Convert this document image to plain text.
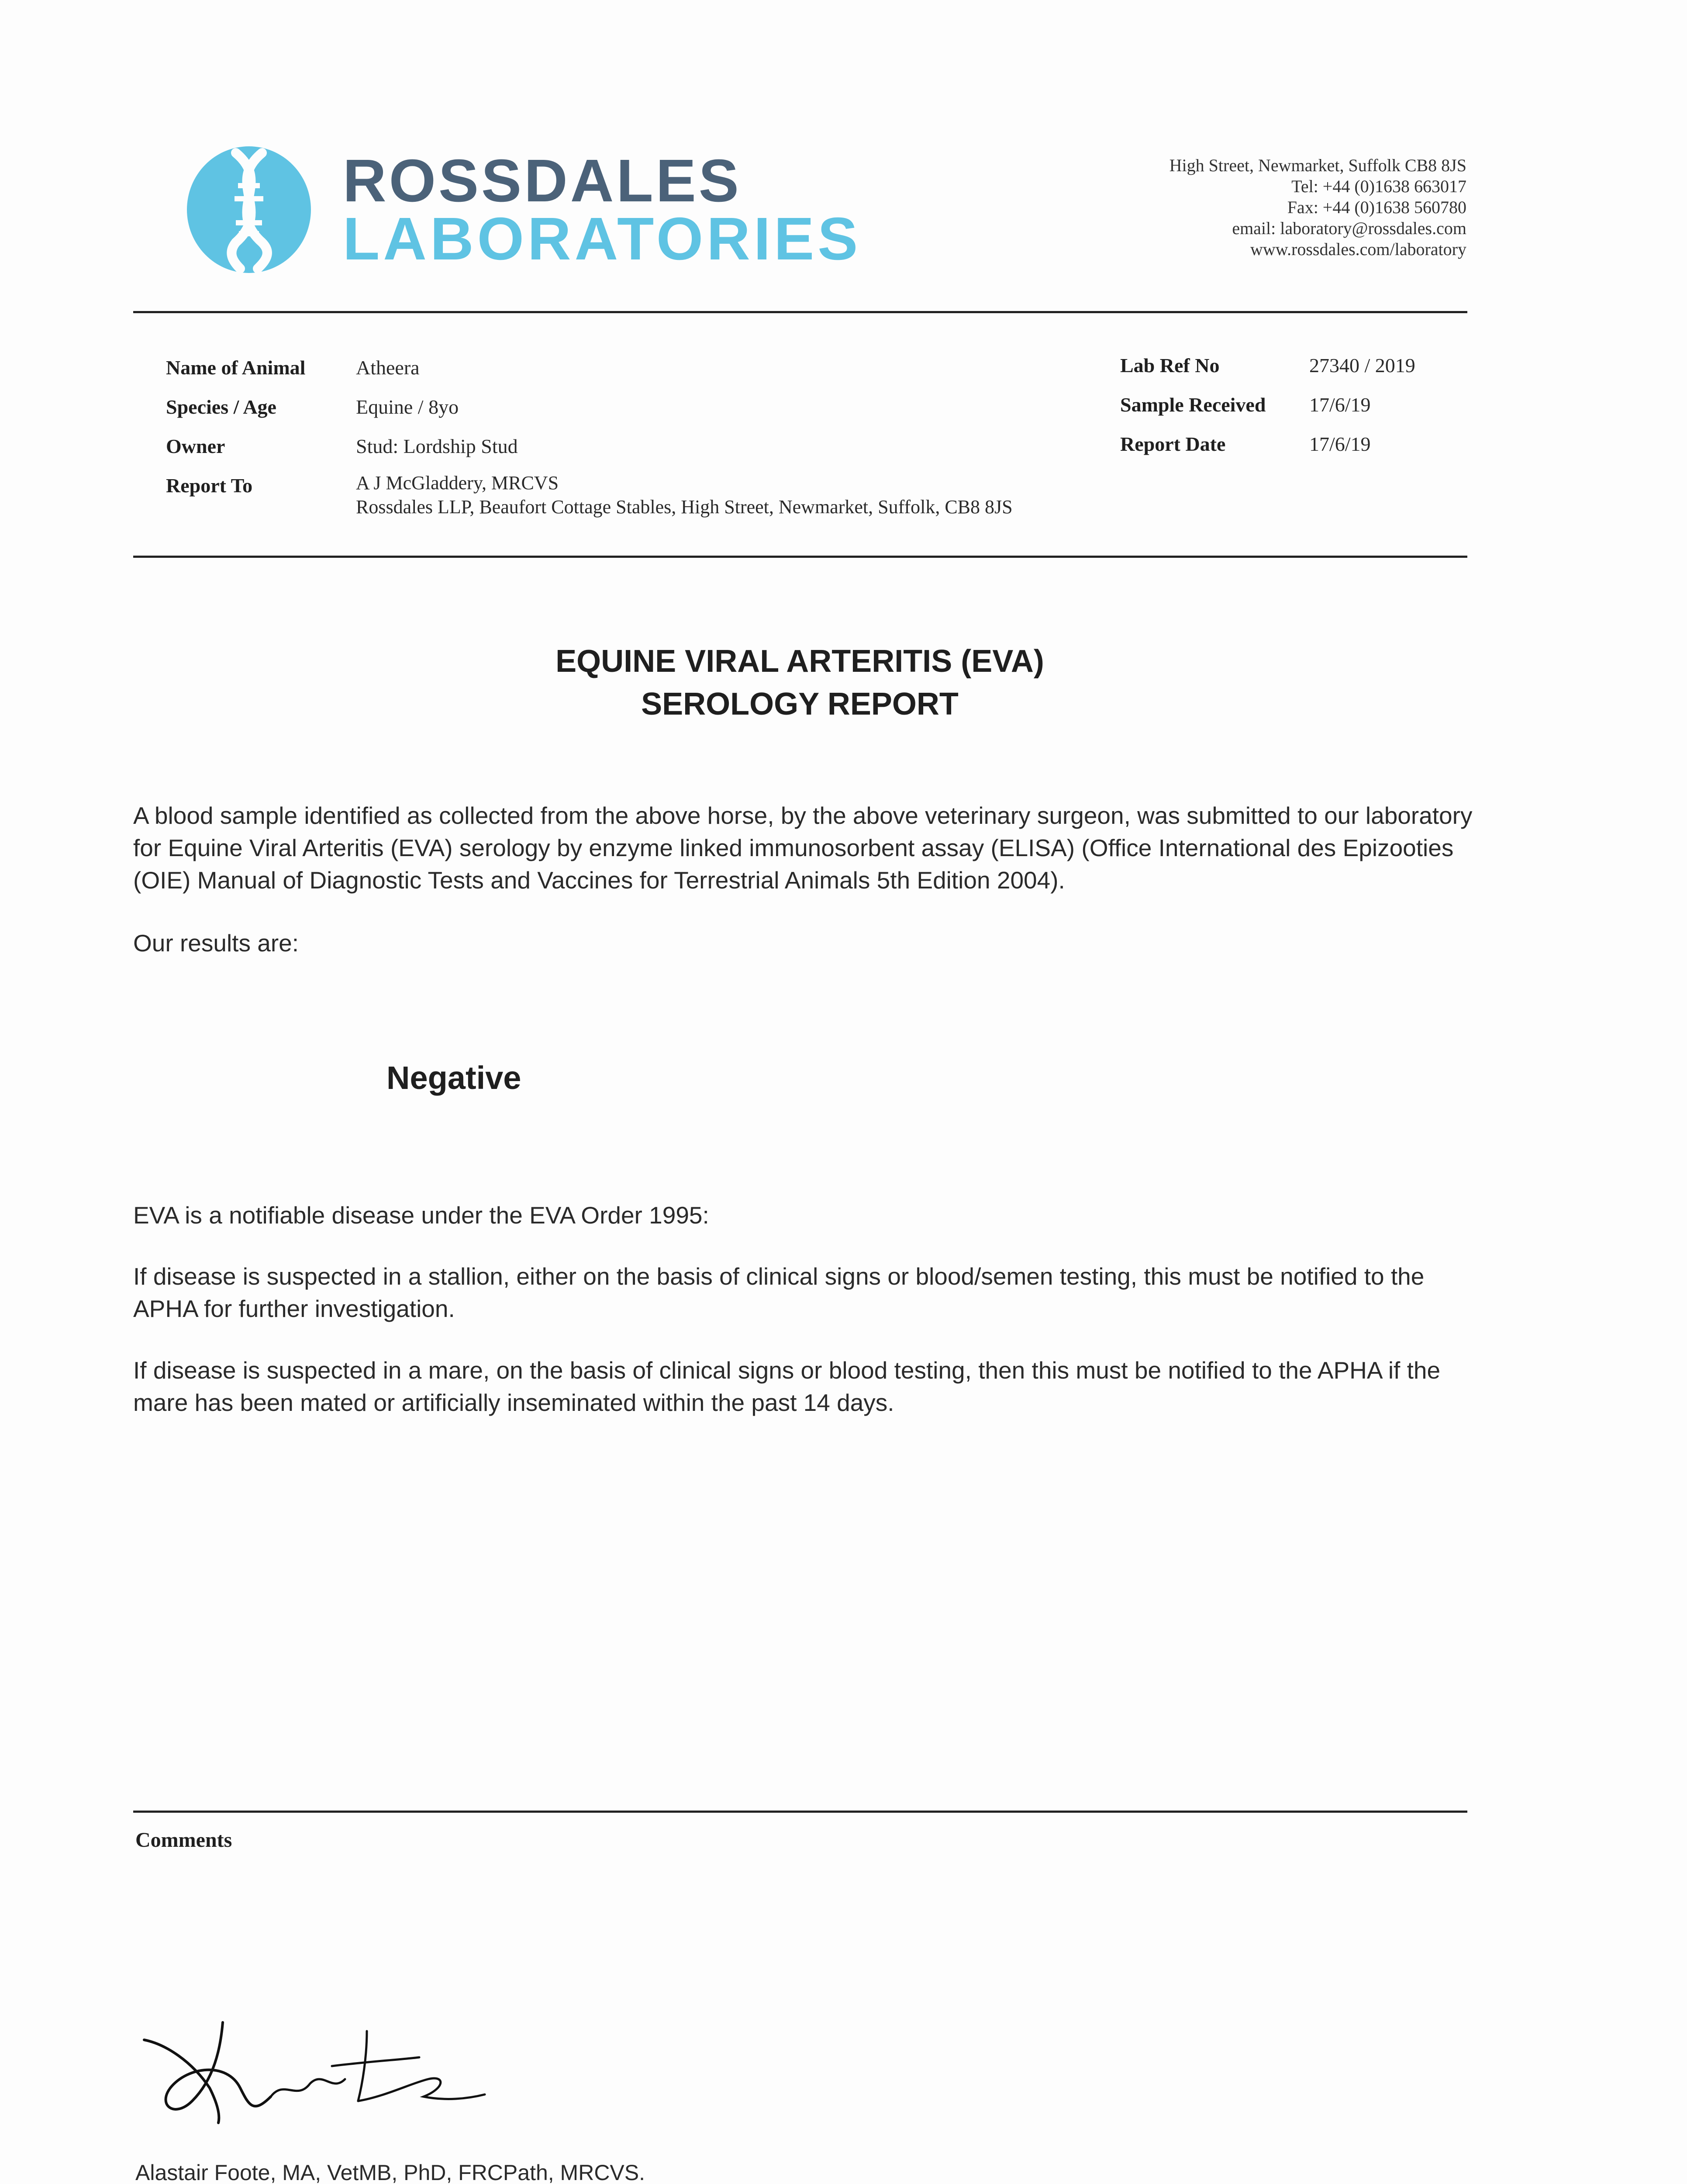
ROSSDALES
LABORATORIES
High Street, Newmarket, Suffolk CB8 8JS
Tel: +44 (0)1638 663017
Fax: +44 (0)1638 560780
email: laboratory@rossdales.com
www.rossdales.com/laboratory
Name of Animal	Atheera
Species / Age	Equine / 8yo
Owner	Stud: Lordship Stud
Report To	A J McGladdery, MRCVS
Rossdales LLP, Beaufort Cottage Stables, High Street, Newmarket, Suffolk, CB8 8JS
Lab Ref No	27340 / 2019
Sample Received 17/6/19
Report Date	17/6/19
EQUINE VIRAL ARTERITIS (EVA)
SEROLOGY REPORT
A blood sample identified as collected from the above horse, by the above veterinary surgeon, was submitted to our laboratory for Equine Viral Arteritis (EVA) serology by enzyme linked immunosorbent assay (ELISA) (Office International des Epizooties (OIE) Manual of Diagnostic Tests and Vaccines for Terrestrial Animals 5th Edition 2004).
Our results are:
Negative
EVA is a notifiable disease under the EVA Order 1995:
If disease is suspected in a stallion, either on the basis of clinical signs or blood/semen testing, this must be notified to the APHA for further investigation.
If disease is suspected in a mare, on the basis of clinical signs or blood testing, then this must be notified to the APHA if the mare has been mated or artificially inseminated within the past 14 days.
Comments
Alastair Foote, MA, VetMB, PhD, FRCPath, MRCVS.
